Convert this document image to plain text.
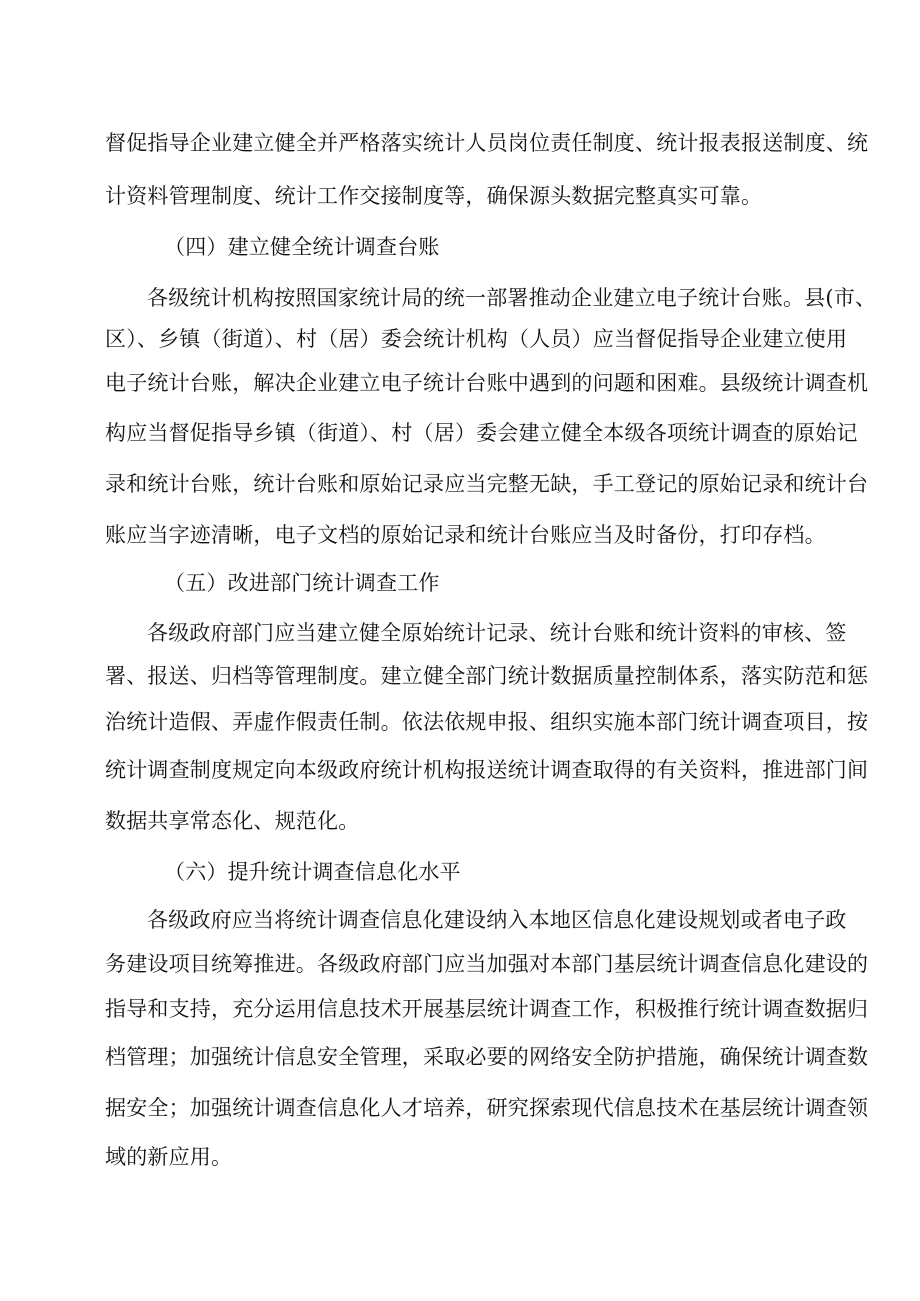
督促指导企业建立健全并严格落实统计人员岗位责任制度、统计报表报送制度、统
计资料管理制度、统计工作交接制度等，确保源头数据完整真实可靠。
（四）建立健全统计调查台账
各级统计机构按照国家统计局的统一部署推动企业建立电子统计台账。县(市、
区）、乡镇（街道）、村（居）委会统计机构（人员）应当督促指导企业建立使用
电子统计台账，解决企业建立电子统计台账中遇到的问题和困难。县级统计调查机
构应当督促指导乡镇（街道）、村（居）委会建立健全本级各项统计调查的原始记
录和统计台账，统计台账和原始记录应当完整无缺，手工登记的原始记录和统计台
账应当字迹清晰，电子文档的原始记录和统计台账应当及时备份，打印存档。
（五）改进部门统计调查工作
各级政府部门应当建立健全原始统计记录、统计台账和统计资料的审核、签
署、报送、归档等管理制度。建立健全部门统计数据质量控制体系，落实防范和惩
治统计造假、弄虚作假责任制。依法依规申报、组织实施本部门统计调查项目，按
统计调查制度规定向本级政府统计机构报送统计调查取得的有关资料，推进部门间
数据共享常态化、规范化。
（六）提升统计调查信息化水平
各级政府应当将统计调查信息化建设纳入本地区信息化建设规划或者电子政
务建设项目统筹推进。各级政府部门应当加强对本部门基层统计调查信息化建设的
指导和支持，充分运用信息技术开展基层统计调查工作，积极推行统计调查数据归
档管理；加强统计信息安全管理，采取必要的网络安全防护措施，确保统计调查数
据安全；加强统计调查信息化人才培养，研究探索现代信息技术在基层统计调查领
域的新应用。
